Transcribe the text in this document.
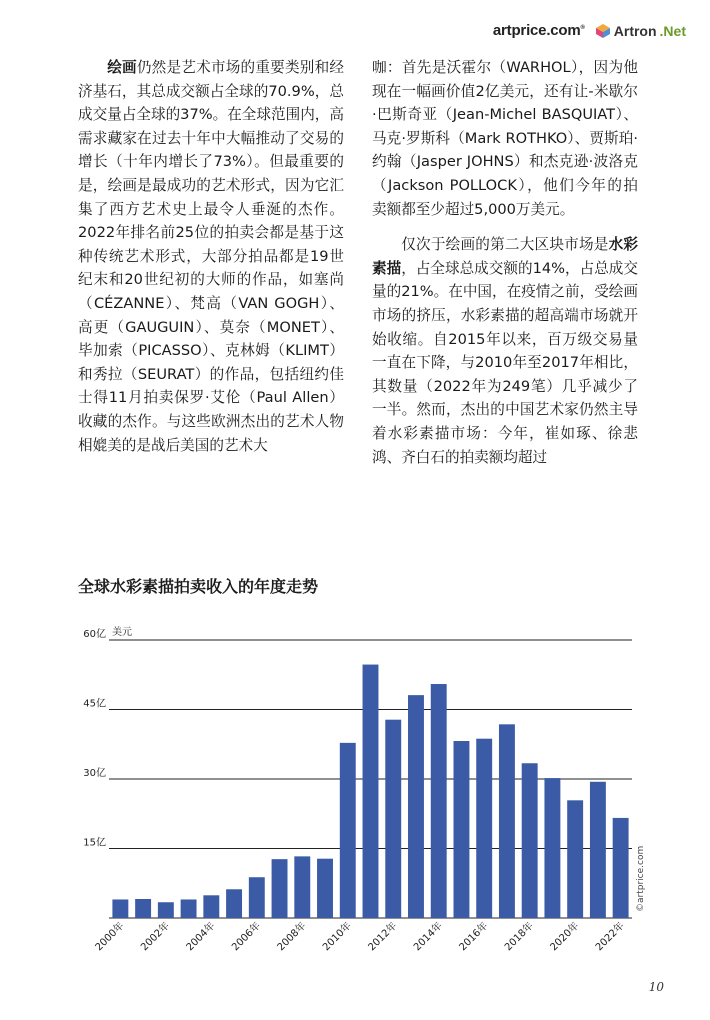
artprice.com® Artron .Net

绘画仍然是艺术市场的重要类别和经济基石，其总成交额占全球的70.9%，总成交量占全球的37%。在全球范围内，高需求藏家在过去十年中大幅推动了交易的增长（十年内增长了73%）。但最重要的是，绘画是最成功的艺术形式，因为它汇集了西方艺术史上最令人垂涎的杰作。2022年排名前25位的拍卖会都是基于这种传统艺术形式，大部分拍品都是19世纪末和20世纪初的大师的作品，如塞尚（CÉZANNE）、梵高（VAN GOGH）、高更（GAUGUIN）、莫奈（MONET）、毕加索（PICASSO）、克林姆（KLIMT）和秀拉（SEURAT）的作品，包括纽约佳士得11月拍卖保罗·艾伦（Paul Allen）收藏的杰作。与这些欧洲杰出的艺术人物相媲美的是战后美国的艺术大

咖：首先是沃霍尔（WARHOL），因为他现在一幅画价值2亿美元，还有让-米歇尔·巴斯奇亚（Jean-Michel BASQUIAT）、马克·罗斯科（Mark ROTHKO）、贾斯珀·约翰（Jasper JOHNS）和杰克逊·波洛克（Jackson POLLOCK），他们今年的拍卖额都至少超过5,000万美元。

仅次于绘画的第二大区块市场是水彩素描，占全球总成交额的14%，占总成交量的21%。在中国，在疫情之前，受绘画市场的挤压，水彩素描的超高端市场就开始收缩。自2015年以来，百万级交易量一直在下降，与2010年至2017年相比，其数量（2022年为249笔）几乎减少了一半。然而，杰出的中国艺术家仍然主导着水彩素描市场：今年，崔如琢、徐悲鸿、齐白石的拍卖额均超过

全球水彩素描拍卖收入的年度走势
15亿
30亿
45亿
60亿 美元
2000年 2002年 2004年 2006年 2008年 2010年 2012年 2014年 2016年 2018年 2020年 2022年
©artprice.com
10
